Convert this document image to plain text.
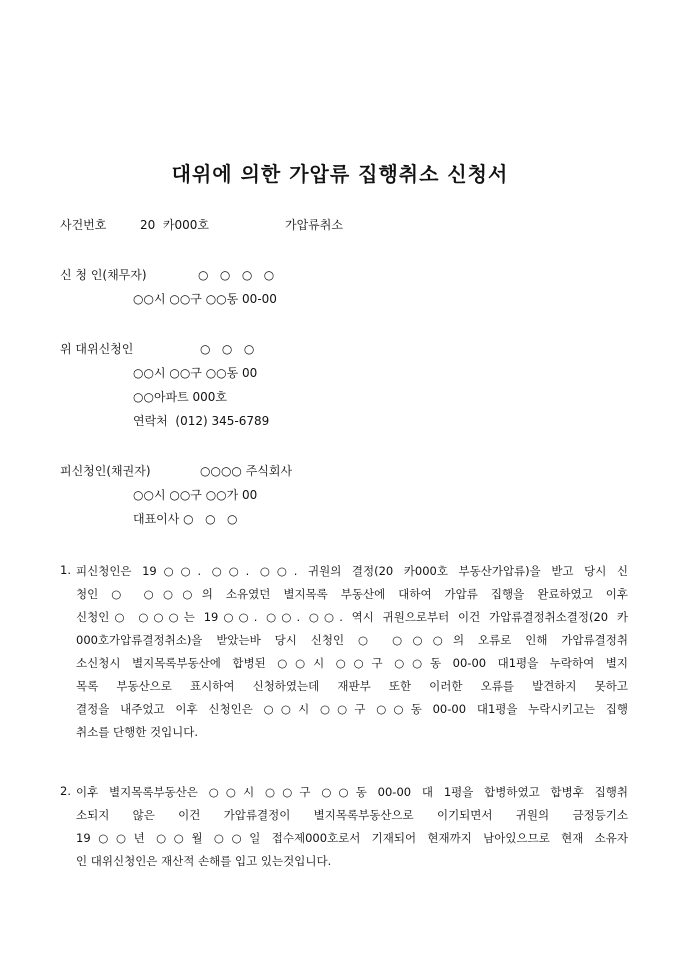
대위에 의한 가압류 집행취소 신청서
사건번호	20  카000호	가압류취소
신 청 인(채무자)	○   ○   ○   ○
○○시 ○○구 ○○동 00-00
위 대위신청인	○   ○   ○
○○시 ○○구 ○○동 00
○○아파트 000호
연락처  (012) 345-6789
피신청인(채권자)	○○○○ 주식회사
○○시 ○○구 ○○가 00
대표이사 ○   ○   ○
1. 피신청인은 19○○. ○○. ○○. 귀원의 결정(20 카000호 부동산가압류)을 받고 당시 신
청인 ○ ○○○의 소유였던 별지목록 부동산에 대하여 가압류 집행을 완료하였고 이후
신청인○ ○○○는 19○○. ○○. ○○. 역시 귀원으로부터 이건 가압류결정취소결정(20 카
000호가압류결정취소)을 받았는바 당시 신청인 ○ ○○○의 오류로 인해 가압류결정취
소신청시 별지목록부동산에 합병된 ○○시 ○○구 ○○동 00-00 대1평을 누락하여 별지
목록 부동산으로 표시하여 신청하였는데 재판부 또한 이러한 오류를 발견하지 못하고
결정을 내주었고 이후 신청인은 ○○시 ○○구 ○○동 00-00 대1평을 누락시키고는 집행
취소를 단행한 것입니다.
2. 이후 별지목록부동산은 ○○시 ○○구 ○○동 00-00 대 1평을 합병하였고 합병후 집행취
소되지 않은 이건 가압류결정이 별지목록부동산으로 이기되면서 귀원의 금정등기소
19○○년 ○○월 ○○일 접수제000호로서 기재되어 현재까지 남아있으므로 현재 소유자
인 대위신청인은 재산적 손해를 입고 있는것입니다.
